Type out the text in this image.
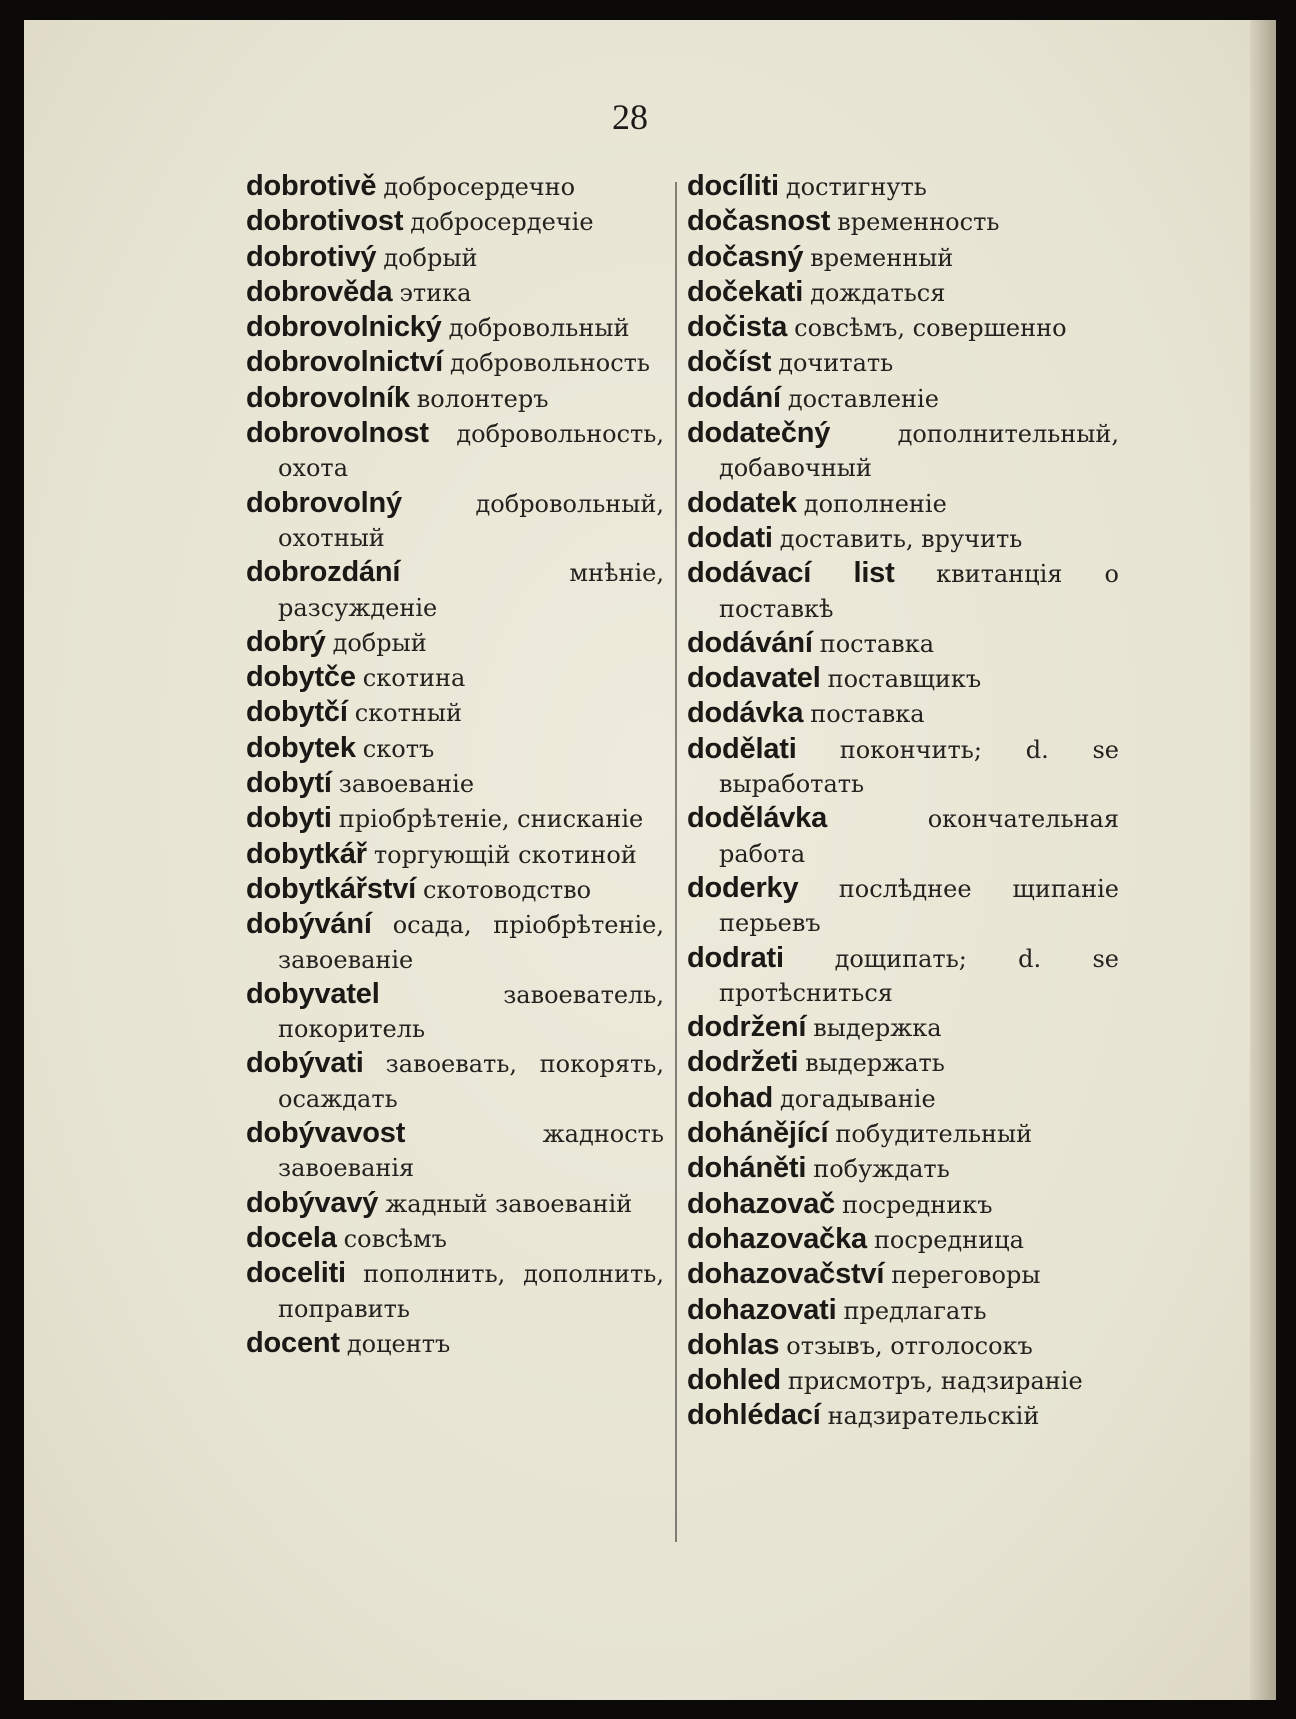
28
dobrotivě добросердечно
dobrotivost добросердечіе
dobrotivý добрый
dobrověda этика
dobrovolnický добровольный
dobrovolnictví добровольность
dobrovolník волонтеръ
dobrovolnost добровольность, охота
dobrovolný	добровольный, охотный
dobrozdání	мнѣніе, разсужденіе
dobrý добрый
dobytče скотина
dobytčí скотный
dobytek скотъ
dobytí завоеваніе
dobyti пріобрѣтеніе, снисканіе
dobytkář торгующій скотиной
dobytkářství скотоводство
dobývání осада, пріобрѣтеніе, завоеваніе
dobyvatel	завоеватель, покоритель
dobývati завоевать, покорять, осаждать
dobývavost	жадность завоеванія
dobývavý жадный завоеваній
docela совсѣмъ
doceliti пополнить, дополнить, поправить
docent доцентъ
docíliti достигнуть
dočasnost временность
dočasný временный
dočekati дождаться
dočista совсѣмъ, совершенно
dočíst дочитать
dodání доставленіе
dodatečný	дополнительный, добавочный
dodatek дополненіе
dodati доставить, вручить
dodávací list квитанція о поставкѣ
dodávání поставка
dodavatel поставщикъ
dodávka поставка
dodělati покончить; d. se выработать
dodělávka	окончательная работа
doderky послѣднее щипаніе перьевъ
dodrati дощипать; d. se протѣсниться
dodržení выдержка
dodržeti выдержать
dohad догадываніе
dohánějící побудительный
doháněti побуждать
dohazovač посредникъ
dohazovačka посредница
dohazovačství переговоры
dohazovati предлагать
dohlas отзывъ, отголосокъ
dohled присмотръ, надзираніе
dohlédací надзирательскій
